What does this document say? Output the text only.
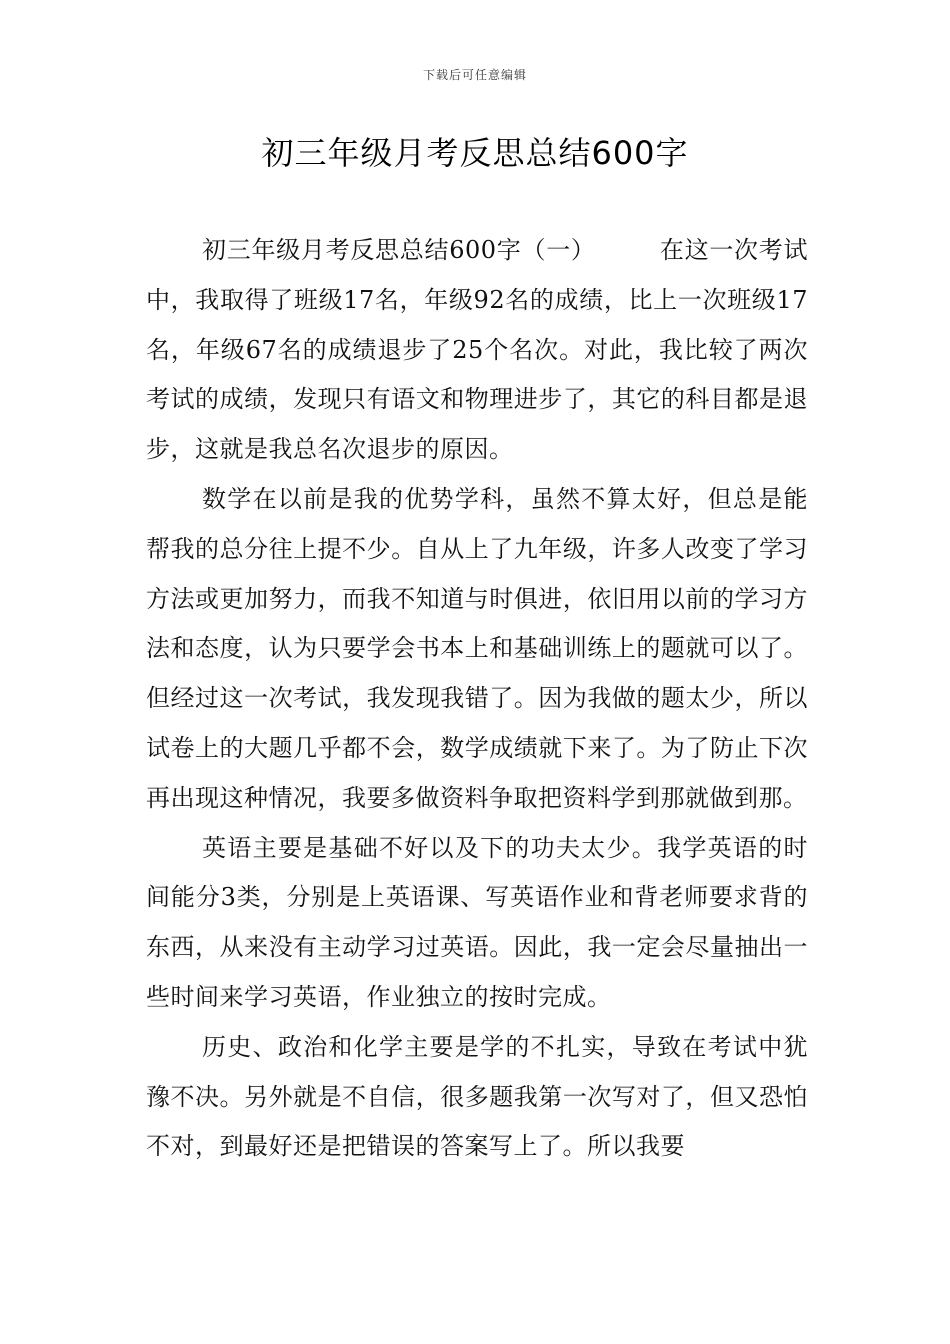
下载后可任意编辑
初三年级月考反思总结600字

初三年级月考反思总结600字（一）	在这一次考试中，我取得了班级17名，年级92名的成绩，比上一次班级17名，年级67名的成绩退步了25个名次。对此，我比较了两次考试的成绩，发现只有语文和物理进步了，其它的科目都是退步，这就是我总名次退步的原因。

数学在以前是我的优势学科，虽然不算太好，但总是能帮我的总分往上提不少。自从上了九年级，许多人改变了学习方法或更加努力，而我不知道与时俱进，依旧用以前的学习方法和态度，认为只要学会书本上和基础训练上的题就可以了。但经过这一次考试，我发现我错了。因为我做的题太少，所以试卷上的大题几乎都不会，数学成绩就下来了。为了防止下次再出现这种情况，我要多做资料争取把资料学到那就做到那。

英语主要是基础不好以及下的功夫太少。我学英语的时间能分3类，分别是上英语课、写英语作业和背老师要求背的东西，从来没有主动学习过英语。因此，我一定会尽量抽出一些时间来学习英语，作业独立的按时完成。

历史、政治和化学主要是学的不扎实，导致在考试中犹豫不决。另外就是不自信，很多题我第一次写对了，但又恐怕不对，到最好还是把错误的答案写上了。所以我要
